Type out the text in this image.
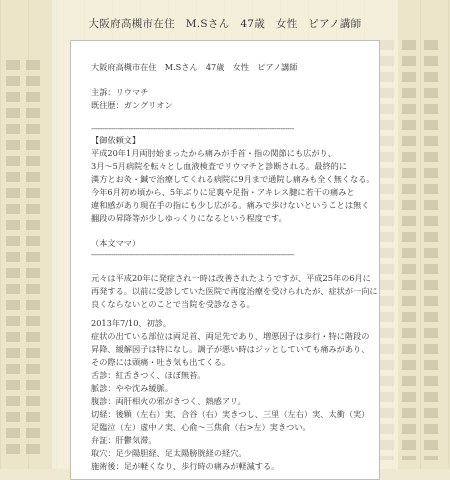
大阪府高槻市在住　M.Sさん　47歳　女性　ピアノ講師

大阪府高槻市在住　M.Sさん　47歳　女性　ピアノ講師

主訴：リウマチ

既往歴：ガングリオン

--------------------------------------------------------------------------------------------

【御依頼文】

平成20年1月両肘始まったから痛みが手首・指の関節にも広がり、

3月～5月病院を転々とし血液検査でリウマチと診断される。最終的に

漢方とお灸・鍼で治療してくれる病院に9月まで通院し痛みも全く無くなる。

今年6月初め頃から、5年ぶりに足裏や足指・アキレス腱に若干の痛みと

違和感があり現在手の指にも少し広がる。痛みで歩けないということは無く

翻段の昇降等が少しゆっくりになるという程度です。

（本文ママ）

--------------------------------------------------------------------------------------------

元々は平成20年に発症され一時は改善されたようですが、平成25年の6月に

再発する。以前に受診していた医院で再度治療を受けられたが、症状が一向に

良くならないとのことで当院を受診なさる。

2013年7/10、初診。

症状の出ている部位は両足首、両足先であり、増悪因子は歩行・特に階段の

昇降、緩解因子は特になし。調子が悪い時はジッとしていても痛みがあり、

その際には頭痛・吐き気も出てくる。

舌診：紅舌きつく、ほぼ無苔。

脈診：やや沈み緩脈。

腹診：両肝相火の邪がきつく、熱感アリ。

切経：後顆（左右）実、合谷（右）実きつし、三里（左右）実、太衝（実）

足臨泣（左）虚中ノ実、心俞～三焦俞（右>左）実きつい。

弁証：肝鬱気滞。

取穴：足少陽胆経、足太陽膀胱経の経穴。

施術後：足が軽くなり、歩行時の痛みが軽減する。
